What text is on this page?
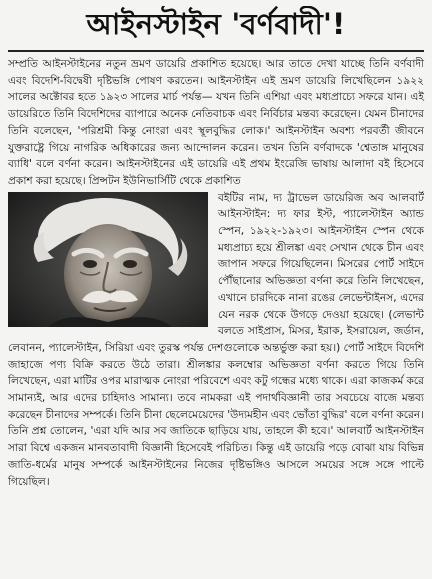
আইনস্টাইন 'বর্ণবাদী'!

সম্প্রতি আইনস্টাইনের নতুন ভ্রমণ ডায়েরি প্রকাশিত হয়েছে। আর তাতে দেখা যাচ্ছে তিনি বর্ণবাদী এবং বিদেশি-বিদ্বেষী দৃষ্টিভঙ্গি পোষণ করতেন। আইনস্টাইন এই ভ্রমণ ডায়েরি লিখেছিলেন ১৯২২ সালের অক্টোবর হতে ১৯২৩ সালের মার্চ পর্যন্ত— যখন তিনি এশিয়া এবং মধ্যপ্রাচ্যে সফরে যান। এই ডায়েরিতে তিনি বিদেশিদের ব্যাপারে অনেক নেতিবাচক এবং নির্বিচার মন্তব্য করেছেন। যেমন চীনাদের তিনি বলেছেন, 'পরিশ্রমী কিন্তু নোংরা এবং স্থূলবুদ্ধির লোক।' আইনস্টাইন অবশ্য পরবর্তী জীবনে যুক্তরাষ্ট্রে গিয়ে নাগরিক অধিকারের জন্য আন্দোলন করেন। তখন তিনি বর্ণবাদকে 'শ্বেতাঙ্গ মানুষের ব্যাধি' বলে বর্ণনা করেন। আইনস্টাইনের এই ডায়েরি এই প্রথম ইংরেজি ভাষায় আলাদা বই হিসেবে প্রকাশ করা হয়েছে। প্রিন্সটন ইউনিভার্সিটি থেকে প্রকাশিত

বইটির নাম, দ্য ট্রাভেল ডায়েরিজ অব আলবার্ট আইনস্টাইন: দ্য ফার ইস্ট, প্যালেস্টাইন অ্যান্ড স্পেন, ১৯২২-১৯২৩। আইনস্টাইন স্পেন থেকে মধ্যপ্রাচ্য হয়ে শ্রীলঙ্কা এবং সেখান থেকে চীন এবং জাপান সফরে গিয়েছিলেন। মিসরের পোর্ট সাইদে পৌঁছানোর অভিজ্ঞতা বর্ণনা করে তিনি লিখেছেন, এখানে চারদিকে নানা রঙের লেভেন্টাইনস, এদের যেন নরক থেকে উগড়ে দেওয়া হয়েছে। (লেভান্ট বলতে সাইপ্রাস, মিসর, ইরাক, ইসরায়েল, জর্ডান, লেবানন, প্যালেস্টাইন, সিরিয়া এবং তুরস্ক পর্যন্ত দেশগুলোকে অন্তর্ভুক্ত করা হয়।) পোর্ট সাইদে বিদেশি জাহাজে পণ্য বিক্রি করতে উঠে তারা। শ্রীলঙ্কার কলম্বোর অভিজ্ঞতা বর্ণনা করতে গিয়ে তিনি লিখেছেন, এরা মাটির ওপর মারাত্মক নোংরা পরিবেশে এবং কটু গন্ধের মধ্যে থাকে। এরা কাজকর্ম করে সামান্যই, আর এদের চাহিদাও সামান্য। তবে নামকরা এই পদার্থবিজ্ঞানী তার সবচেয়ে বাজে মন্তব্য করেছেন চীনাদের সম্পর্কে। তিনি চীনা ছেলেমেয়েদের 'উদ্যমহীন এবং ভোঁতা বুদ্ধির' বলে বর্ণনা করেন। তিনি প্রশ্ন তোলেন, 'এরা যদি আর সব জাতিকে ছাড়িয়ে যায়, তাহলে কী হবে।' আলবার্ট আইনস্টাইন সারা বিশ্বে একজন মানবতাবাদী বিজ্ঞানী হিসেবেই পরিচিত। কিন্তু এই ডায়েরি পড়ে বোঝা যায় বিভিন্ন জাতি-ধর্মের মানুষ সম্পর্কে আইনস্টাইনের নিজের দৃষ্টিভঙ্গিও আসলে সময়ের সঙ্গে সঙ্গে পাল্টে গিয়েছিল।
